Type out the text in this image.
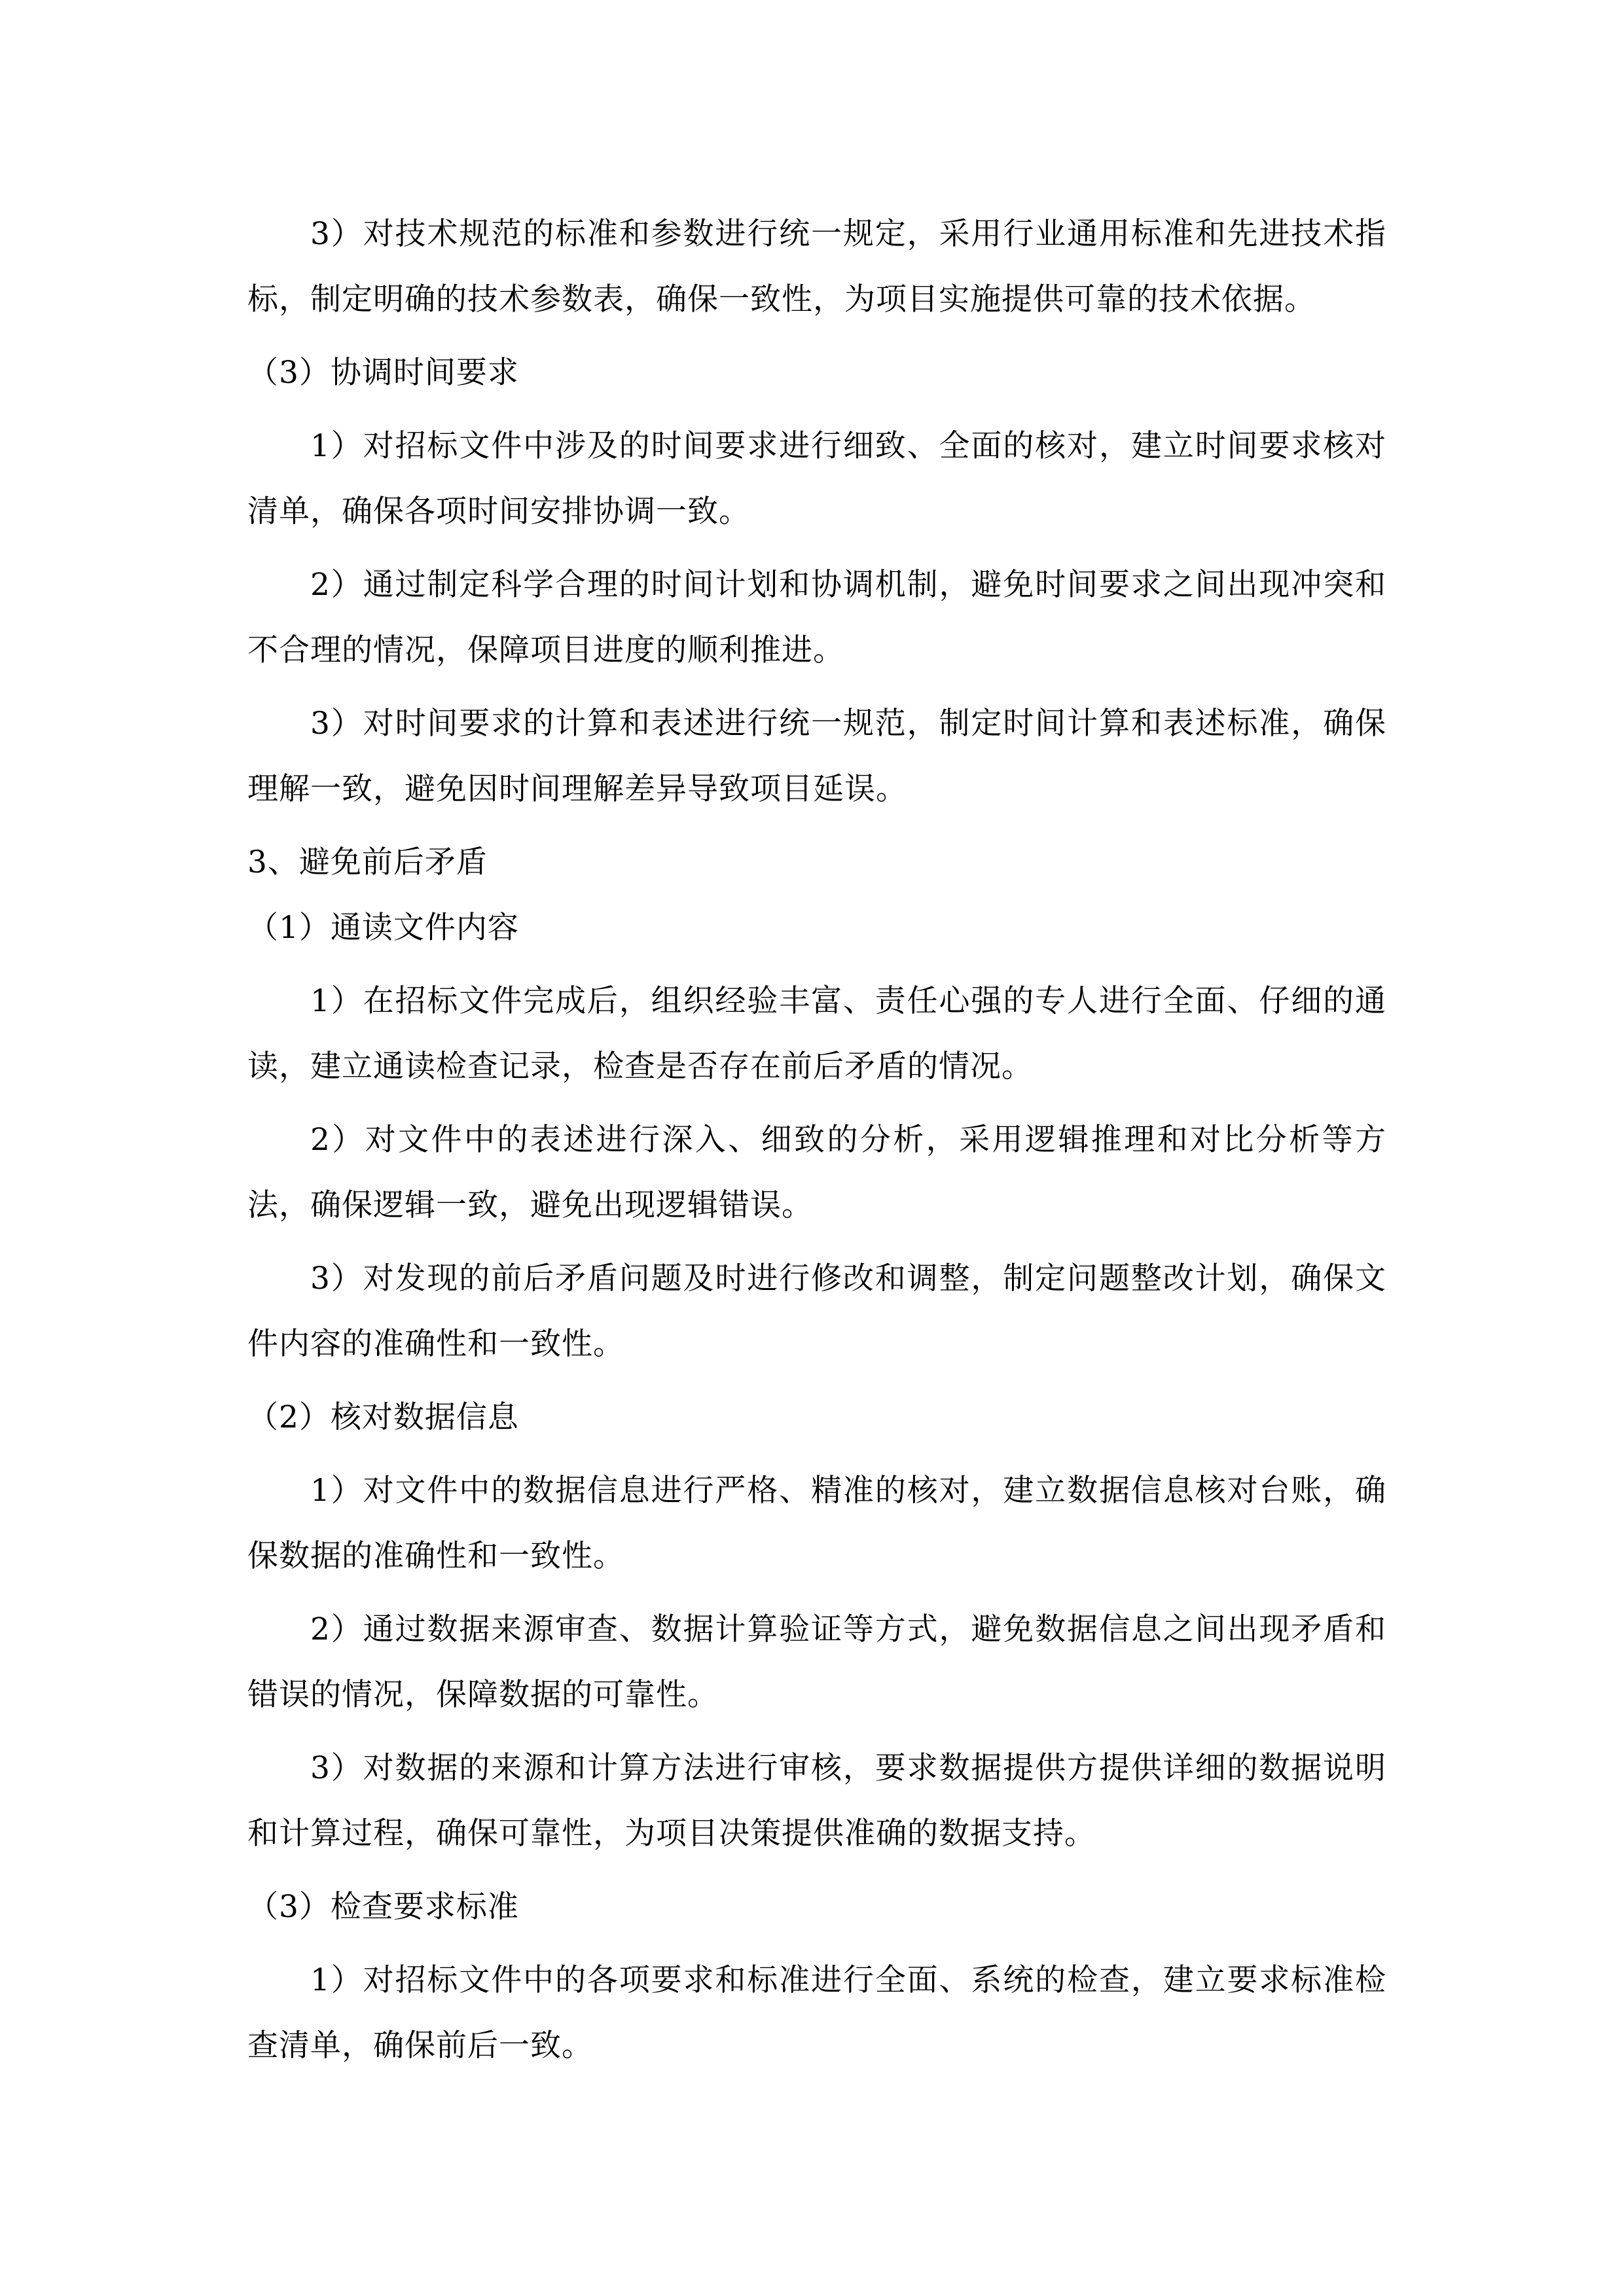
3）对技术规范的标准和参数进行统一规定，采用行业通用标准和先进技术指标，制定明确的技术参数表，确保一致性，为项目实施提供可靠的技术依据。

（3）协调时间要求

1）对招标文件中涉及的时间要求进行细致、全面的核对，建立时间要求核对清单，确保各项时间安排协调一致。

2）通过制定科学合理的时间计划和协调机制，避免时间要求之间出现冲突和不合理的情况，保障项目进度的顺利推进。

3）对时间要求的计算和表述进行统一规范，制定时间计算和表述标准，确保理解一致，避免因时间理解差异导致项目延误。

3、避免前后矛盾

（1）通读文件内容

1）在招标文件完成后，组织经验丰富、责任心强的专人进行全面、仔细的通读，建立通读检查记录，检查是否存在前后矛盾的情况。

2）对文件中的表述进行深入、细致的分析，采用逻辑推理和对比分析等方法，确保逻辑一致，避免出现逻辑错误。

3）对发现的前后矛盾问题及时进行修改和调整，制定问题整改计划，确保文件内容的准确性和一致性。

（2）核对数据信息

1）对文件中的数据信息进行严格、精准的核对，建立数据信息核对台账，确保数据的准确性和一致性。

2）通过数据来源审查、数据计算验证等方式，避免数据信息之间出现矛盾和错误的情况，保障数据的可靠性。

3）对数据的来源和计算方法进行审核，要求数据提供方提供详细的数据说明和计算过程，确保可靠性，为项目决策提供准确的数据支持。

（3）检查要求标准

1）对招标文件中的各项要求和标准进行全面、系统的检查，建立要求标准检查清单，确保前后一致。
